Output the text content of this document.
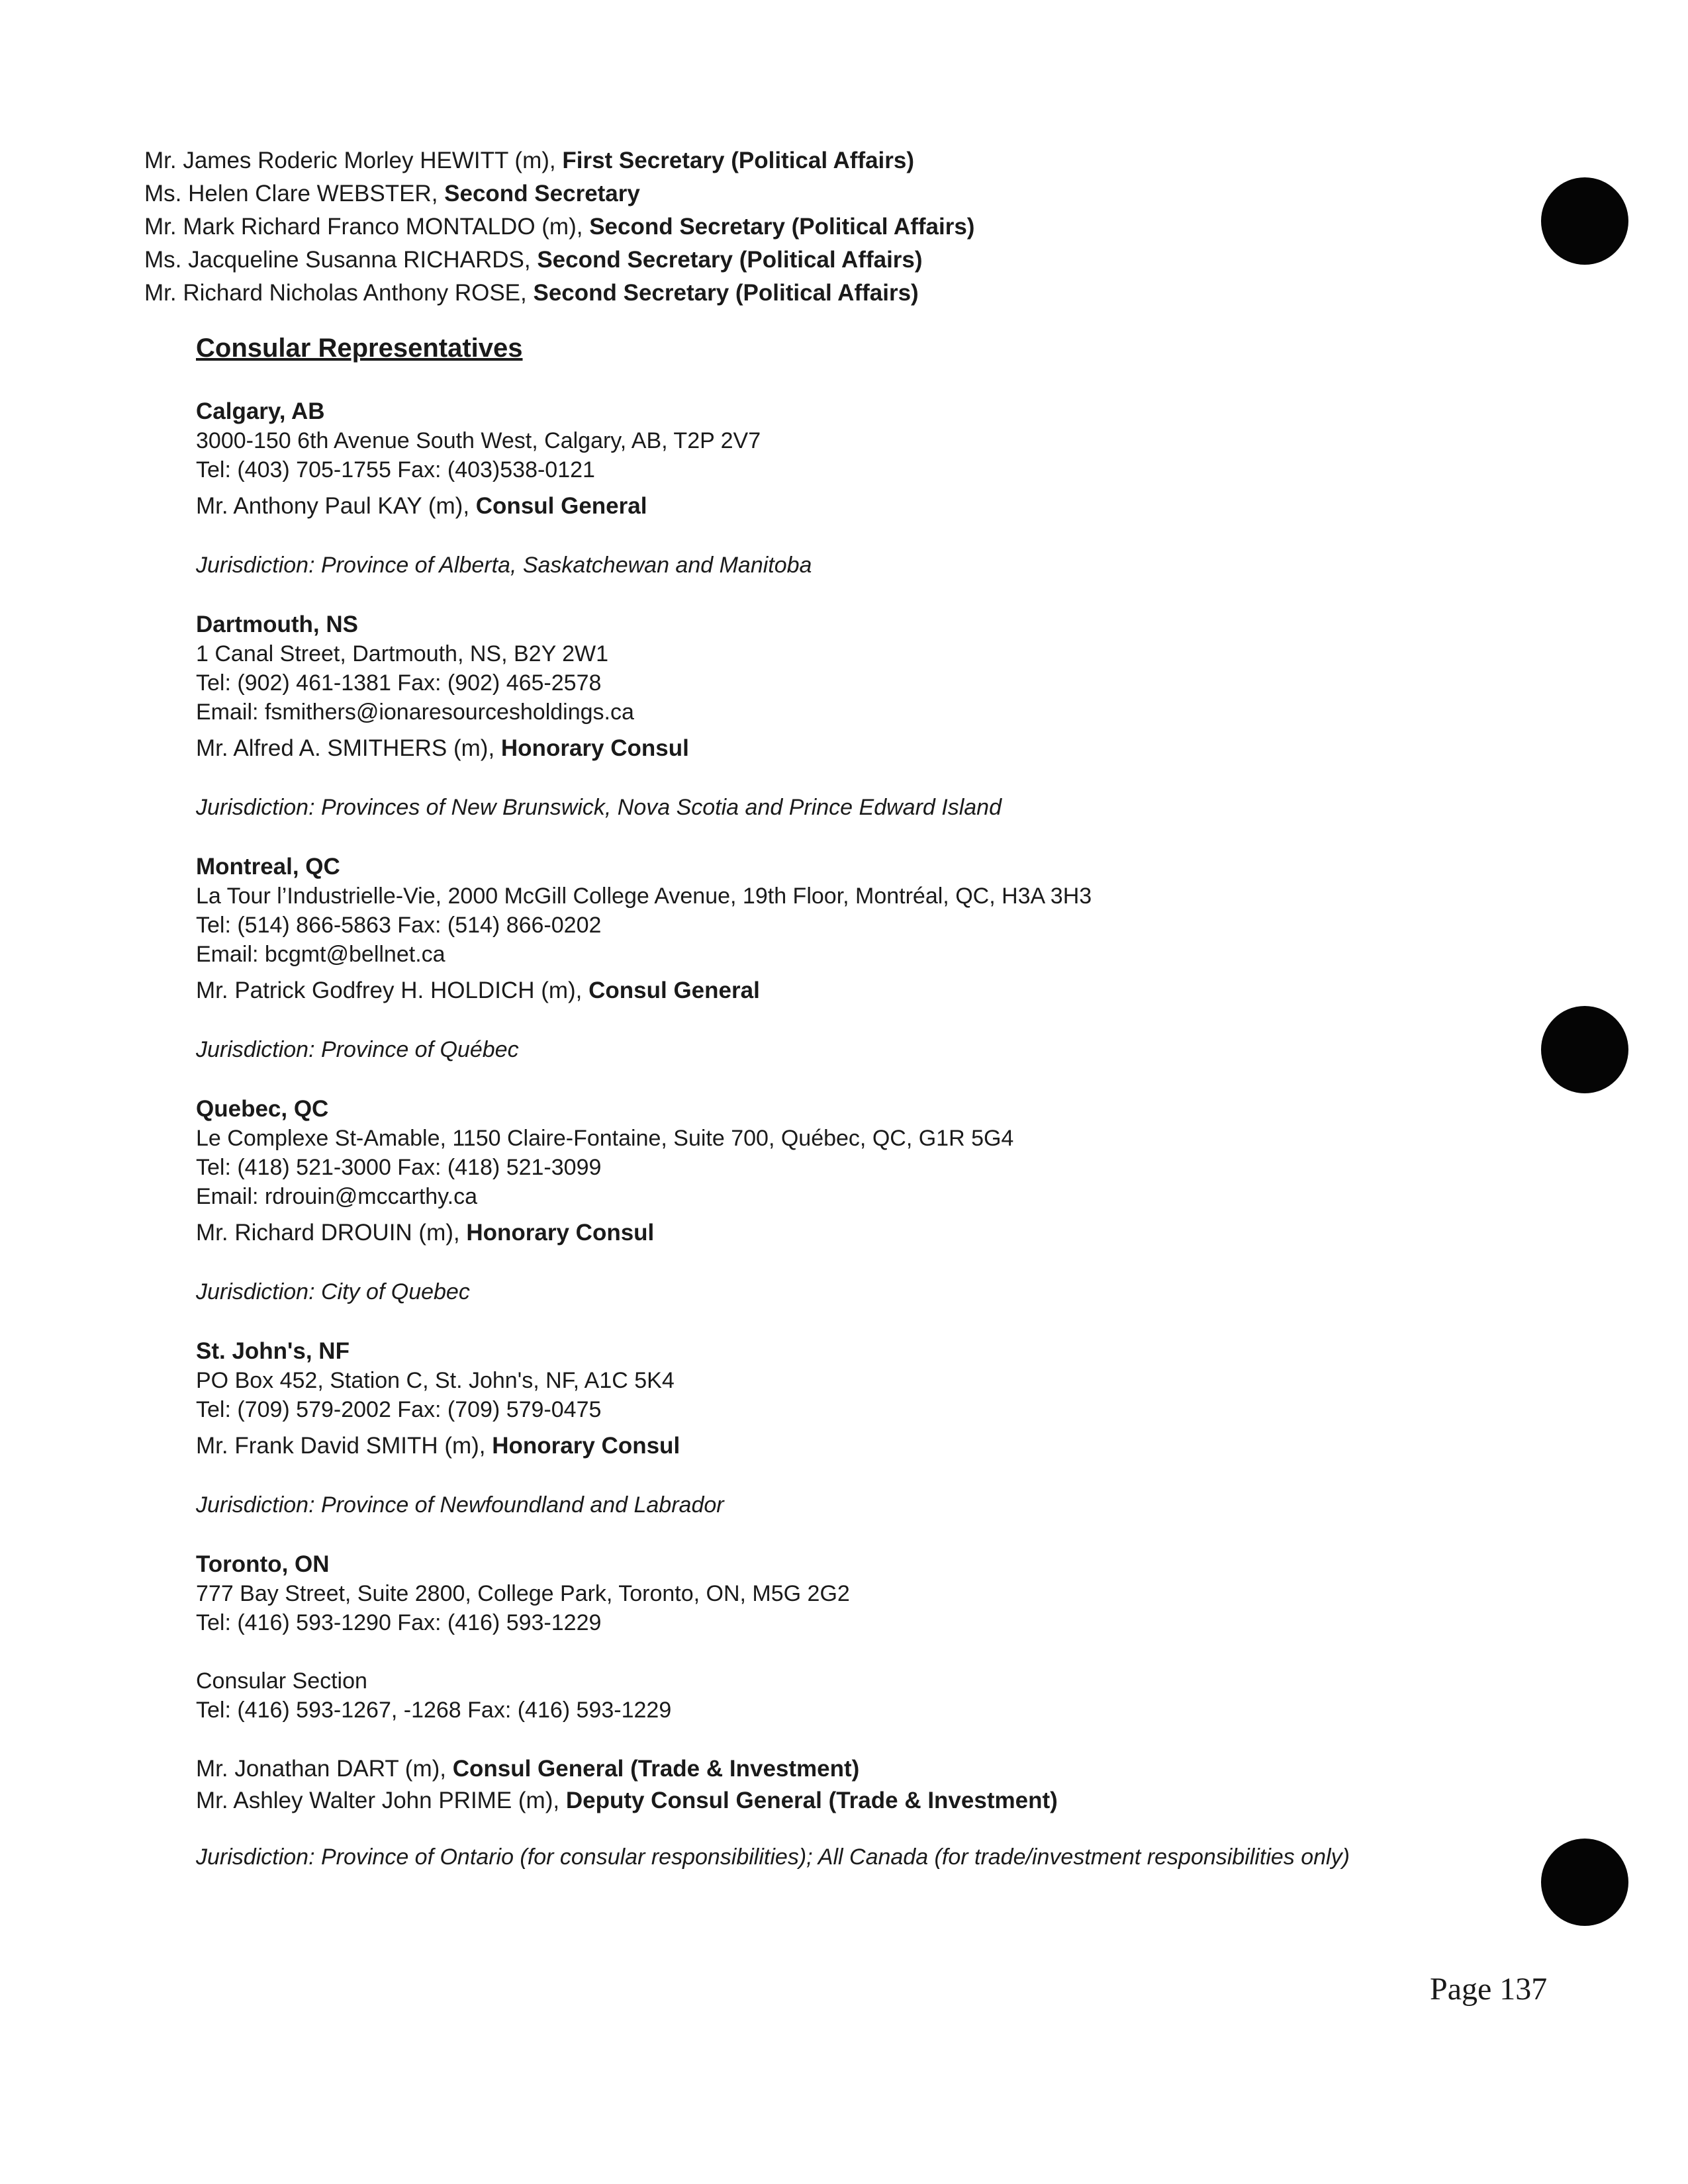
Mr. James Roderic Morley HEWITT (m), First Secretary (Political Affairs)
Ms. Helen Clare WEBSTER, Second Secretary
Mr. Mark Richard Franco MONTALDO (m), Second Secretary (Political Affairs)
Ms. Jacqueline Susanna RICHARDS, Second Secretary (Political Affairs)
Mr. Richard Nicholas Anthony ROSE, Second Secretary (Political Affairs)
Consular Representatives
Calgary, AB
3000-150 6th Avenue South West, Calgary, AB, T2P 2V7
Tel: (403) 705-1755 Fax: (403)538-0121
Mr. Anthony Paul KAY (m), Consul General
Jurisdiction: Province of Alberta, Saskatchewan and Manitoba
Dartmouth, NS
1 Canal Street, Dartmouth, NS, B2Y 2W1
Tel: (902) 461-1381 Fax: (902) 465-2578
Email: fsmithers@ionaresourcesholdings.ca
Mr. Alfred A. SMITHERS (m), Honorary Consul
Jurisdiction: Provinces of New Brunswick, Nova Scotia and Prince Edward Island
Montreal, QC
La Tour l’Industrielle-Vie, 2000 McGill College Avenue, 19th Floor, Montréal, QC, H3A 3H3
Tel: (514) 866-5863 Fax: (514) 866-0202
Email: bcgmt@bellnet.ca
Mr. Patrick Godfrey H. HOLDICH (m), Consul General
Jurisdiction: Province of Québec
Quebec, QC
Le Complexe St-Amable, 1150 Claire-Fontaine, Suite 700, Québec, QC, G1R 5G4
Tel: (418) 521-3000 Fax: (418) 521-3099
Email: rdrouin@mccarthy.ca
Mr. Richard DROUIN (m), Honorary Consul
Jurisdiction: City of Quebec
St. John's, NF
PO Box 452, Station C, St. John's, NF, A1C 5K4
Tel: (709) 579-2002 Fax: (709) 579-0475
Mr. Frank David SMITH (m), Honorary Consul
Jurisdiction: Province of Newfoundland and Labrador
Toronto, ON
777 Bay Street, Suite 2800, College Park, Toronto, ON, M5G 2G2
Tel: (416) 593-1290 Fax: (416) 593-1229
Consular Section
Tel: (416) 593-1267, -1268 Fax: (416) 593-1229
Mr. Jonathan DART (m), Consul General (Trade & Investment)
Mr. Ashley Walter John PRIME (m), Deputy Consul General (Trade & Investment)
Jurisdiction: Province of Ontario (for consular responsibilities); All Canada (for trade/investment responsibilities only)
Page 137
